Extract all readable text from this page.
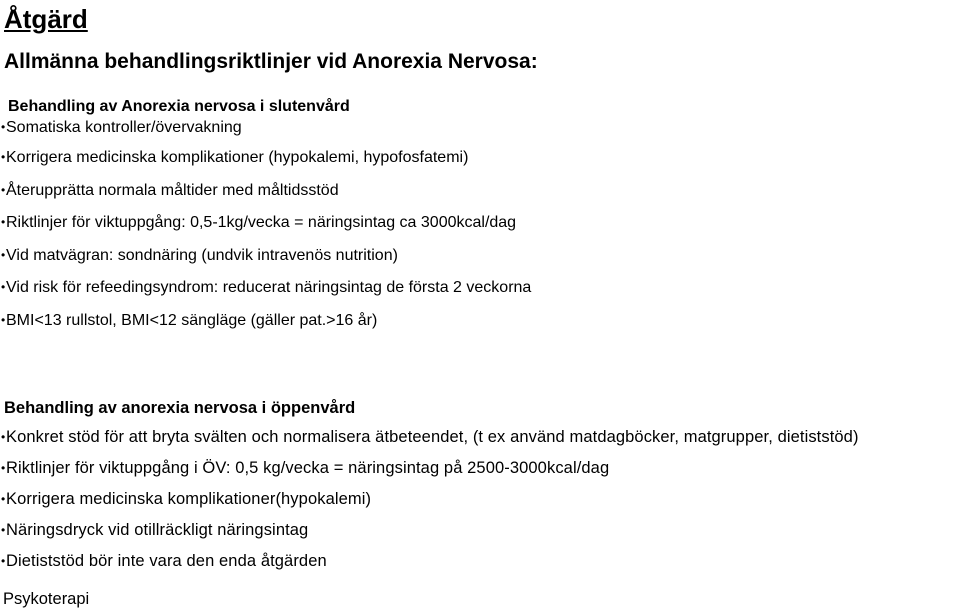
Åtgärd
Allmänna behandlingsriktlinjer vid Anorexia Nervosa:
Behandling av Anorexia nervosa i slutenvård
•Somatiska kontroller/övervakning
•Korrigera medicinska komplikationer (hypokalemi, hypofosfatemi)
•Återupprätta normala måltider med måltidsstöd
•Riktlinjer för viktuppgång: 0,5-1kg/vecka = näringsintag ca 3000kcal/dag
•Vid matvägran: sondnäring (undvik intravenös nutrition)
•Vid risk för refeedingsyndrom: reducerat näringsintag de första 2 veckorna
•BMI<13 rullstol, BMI<12 sängläge (gäller pat.>16 år)
Behandling av anorexia nervosa i öppenvård
•Konkret stöd för att bryta svälten och normalisera ätbeteendet, (t ex använd matdagböcker, matgrupper, dietiststöd)
•Riktlinjer för viktuppgång i ÖV: 0,5 kg/vecka = näringsintag på 2500-3000kcal/dag
•Korrigera medicinska komplikationer(hypokalemi)
•Näringsdryck vid otillräckligt näringsintag
•Dietiststöd bör inte vara den enda åtgärden
Psykoterapi
